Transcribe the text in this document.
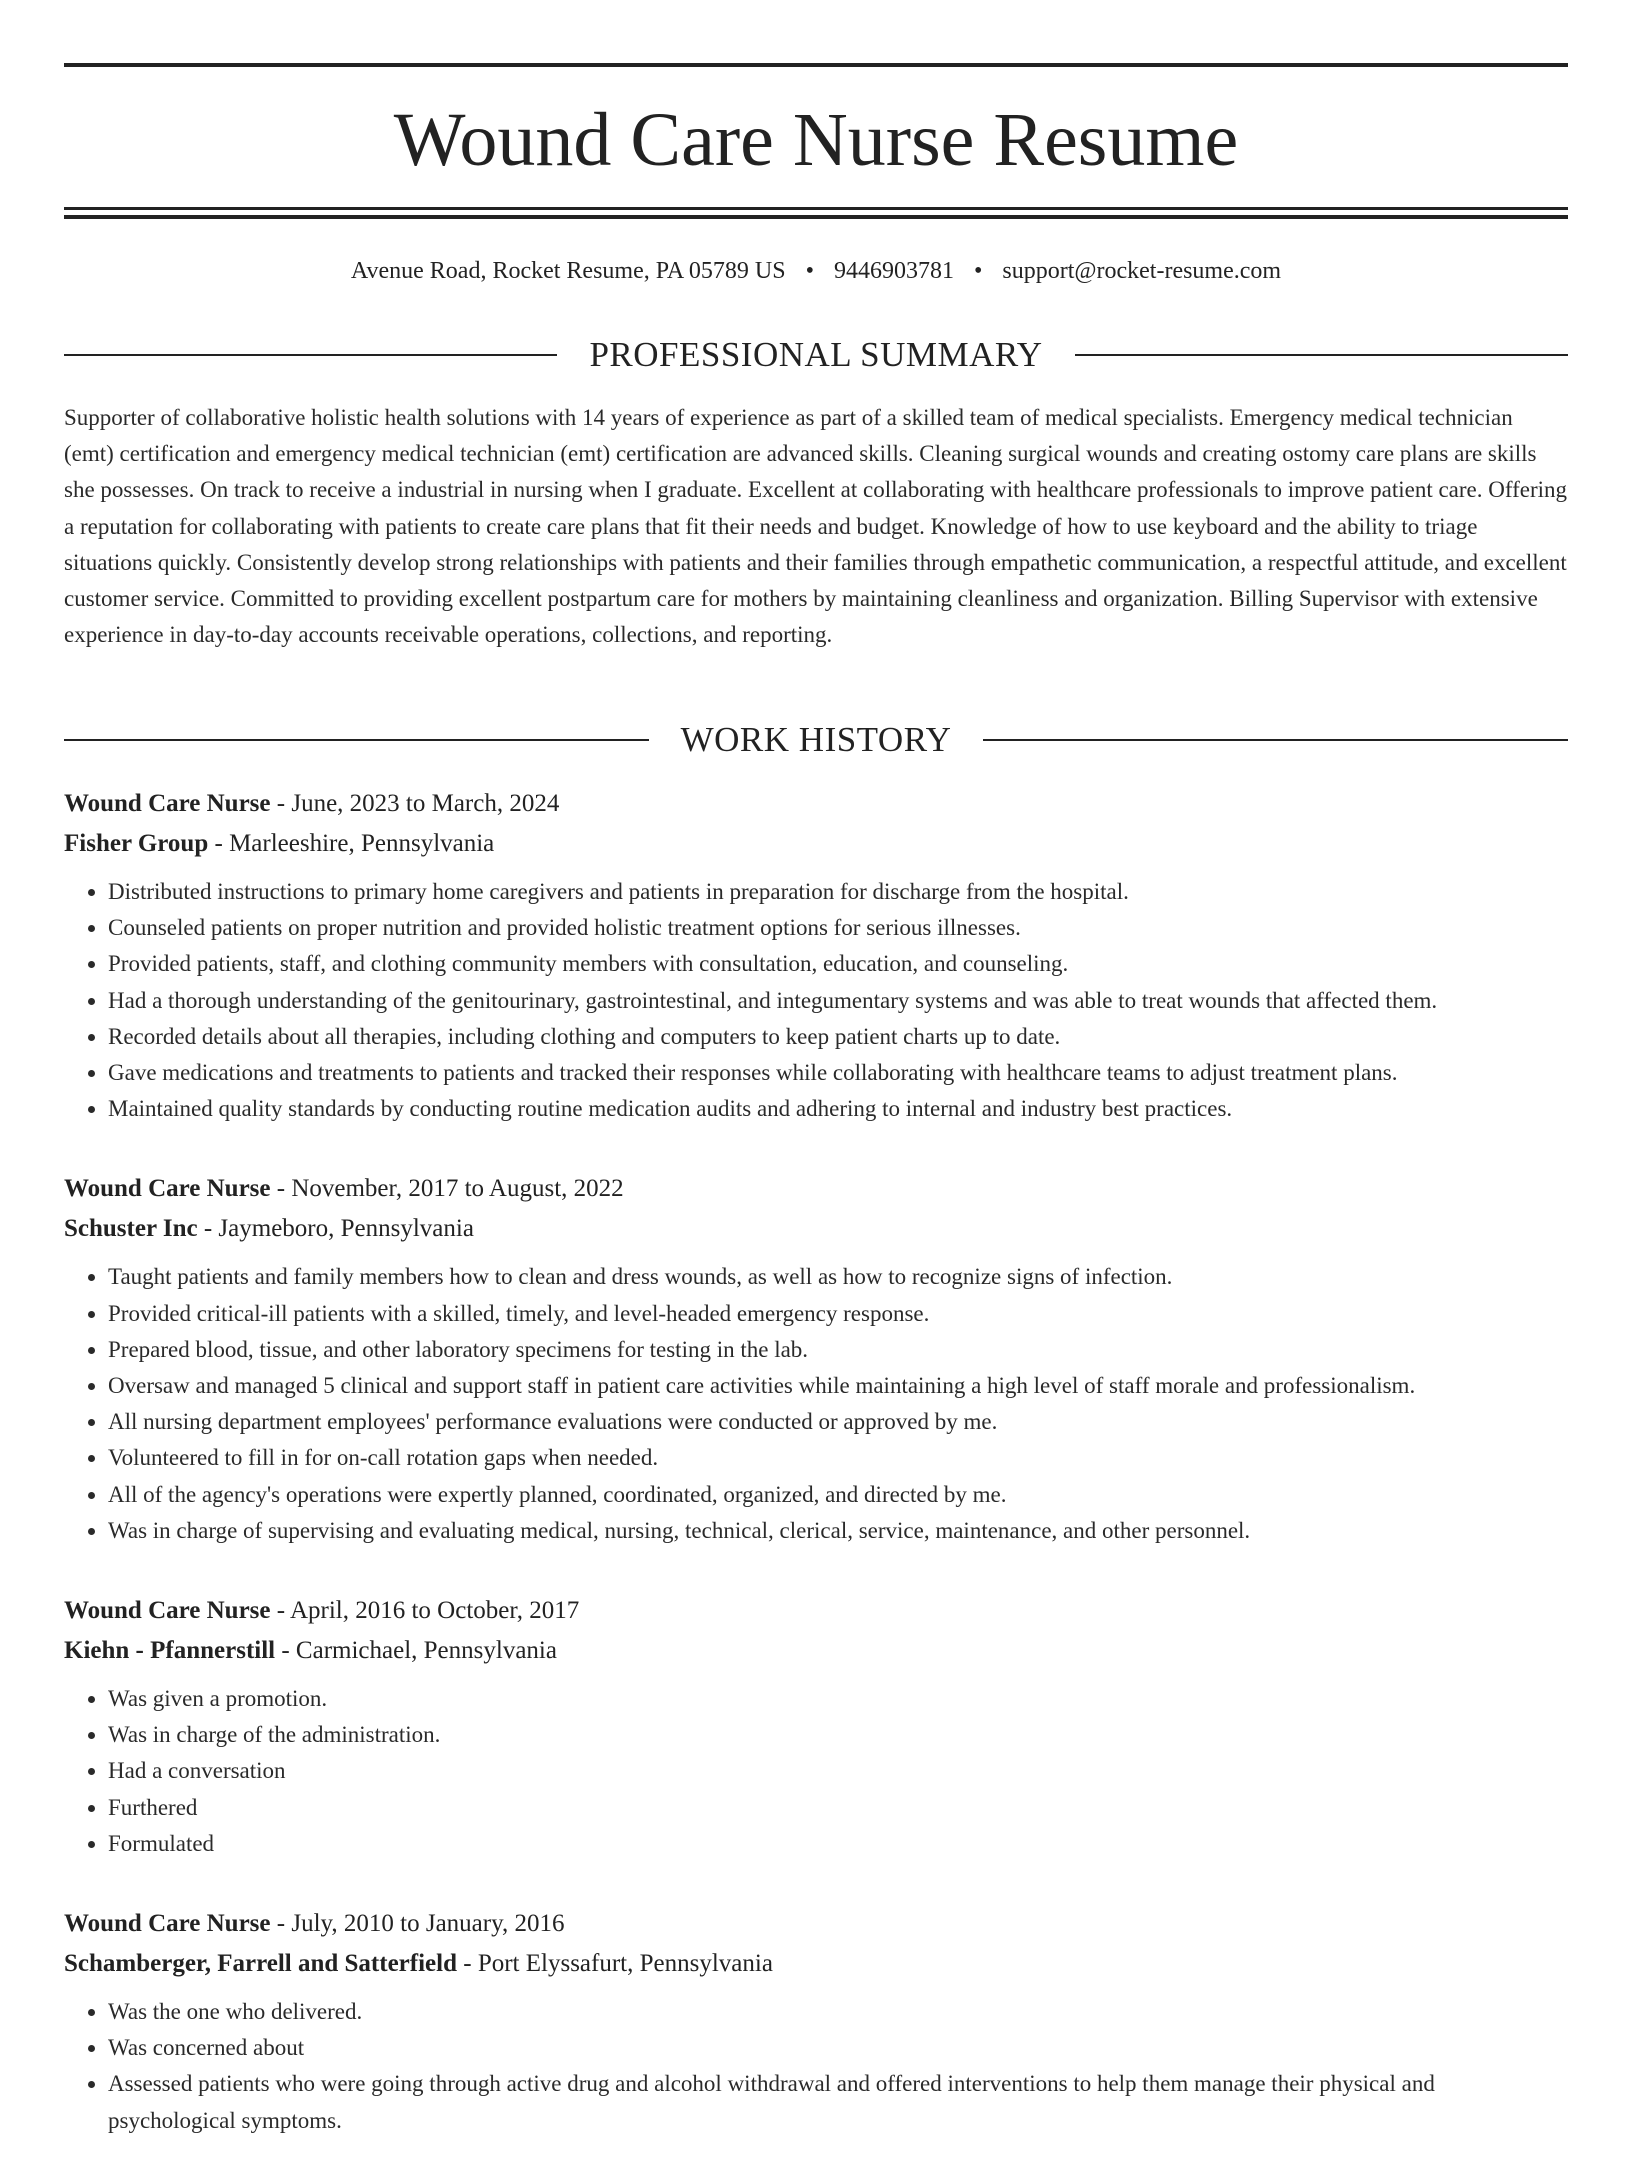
Wound Care Nurse Resume
Avenue Road, Rocket Resume, PA 05789 US • 9446903781 • support@rocket-resume.com
PROFESSIONAL SUMMARY

Supporter of collaborative holistic health solutions with 14 years of experience as part of a skilled team of medical specialists. Emergency medical technician (emt) certification and emergency medical technician (emt) certification are advanced skills. Cleaning surgical wounds and creating ostomy care plans are skills she possesses. On track to receive a industrial in nursing when I graduate. Excellent at collaborating with healthcare professionals to improve patient care. Offering a reputation for collaborating with patients to create care plans that fit their needs and budget. Knowledge of how to use keyboard and the ability to triage situations quickly. Consistently develop strong relationships with patients and their families through empathetic communication, a respectful attitude, and excellent customer service. Committed to providing excellent postpartum care for mothers by maintaining cleanliness and organization. Billing Supervisor with extensive experience in day-to-day accounts receivable operations, collections, and reporting.

WORK HISTORY
Wound Care Nurse - June, 2023 to March, 2024
Fisher Group - Marleeshire, Pennsylvania
• Distributed instructions to primary home caregivers and patients in preparation for discharge from the hospital.
• Counseled patients on proper nutrition and provided holistic treatment options for serious illnesses.
• Provided patients, staff, and clothing community members with consultation, education, and counseling.
• Had a thorough understanding of the genitourinary, gastrointestinal, and integumentary systems and was able to treat wounds that affected them.
• Recorded details about all therapies, including clothing and computers to keep patient charts up to date.
• Gave medications and treatments to patients and tracked their responses while collaborating with healthcare teams to adjust treatment plans.
• Maintained quality standards by conducting routine medication audits and adhering to internal and industry best practices.
Wound Care Nurse - November, 2017 to August, 2022
Schuster Inc - Jaymeboro, Pennsylvania
• Taught patients and family members how to clean and dress wounds, as well as how to recognize signs of infection.
• Provided critical-ill patients with a skilled, timely, and level-headed emergency response.
• Prepared blood, tissue, and other laboratory specimens for testing in the lab.
• Oversaw and managed 5 clinical and support staff in patient care activities while maintaining a high level of staff morale and professionalism.
• All nursing department employees' performance evaluations were conducted or approved by me.
• Volunteered to fill in for on-call rotation gaps when needed.
• All of the agency's operations were expertly planned, coordinated, organized, and directed by me.
• Was in charge of supervising and evaluating medical, nursing, technical, clerical, service, maintenance, and other personnel.
Wound Care Nurse - April, 2016 to October, 2017
Kiehn - Pfannerstill - Carmichael, Pennsylvania
• Was given a promotion.
• Was in charge of the administration.
• Had a conversation
• Furthered
• Formulated
Wound Care Nurse - July, 2010 to January, 2016
Schamberger, Farrell and Satterfield - Port Elyssafurt, Pennsylvania
• Was the one who delivered.
• Was concerned about
• Assessed patients who were going through active drug and alcohol withdrawal and offered interventions to help them manage their physical and psychological symptoms.
